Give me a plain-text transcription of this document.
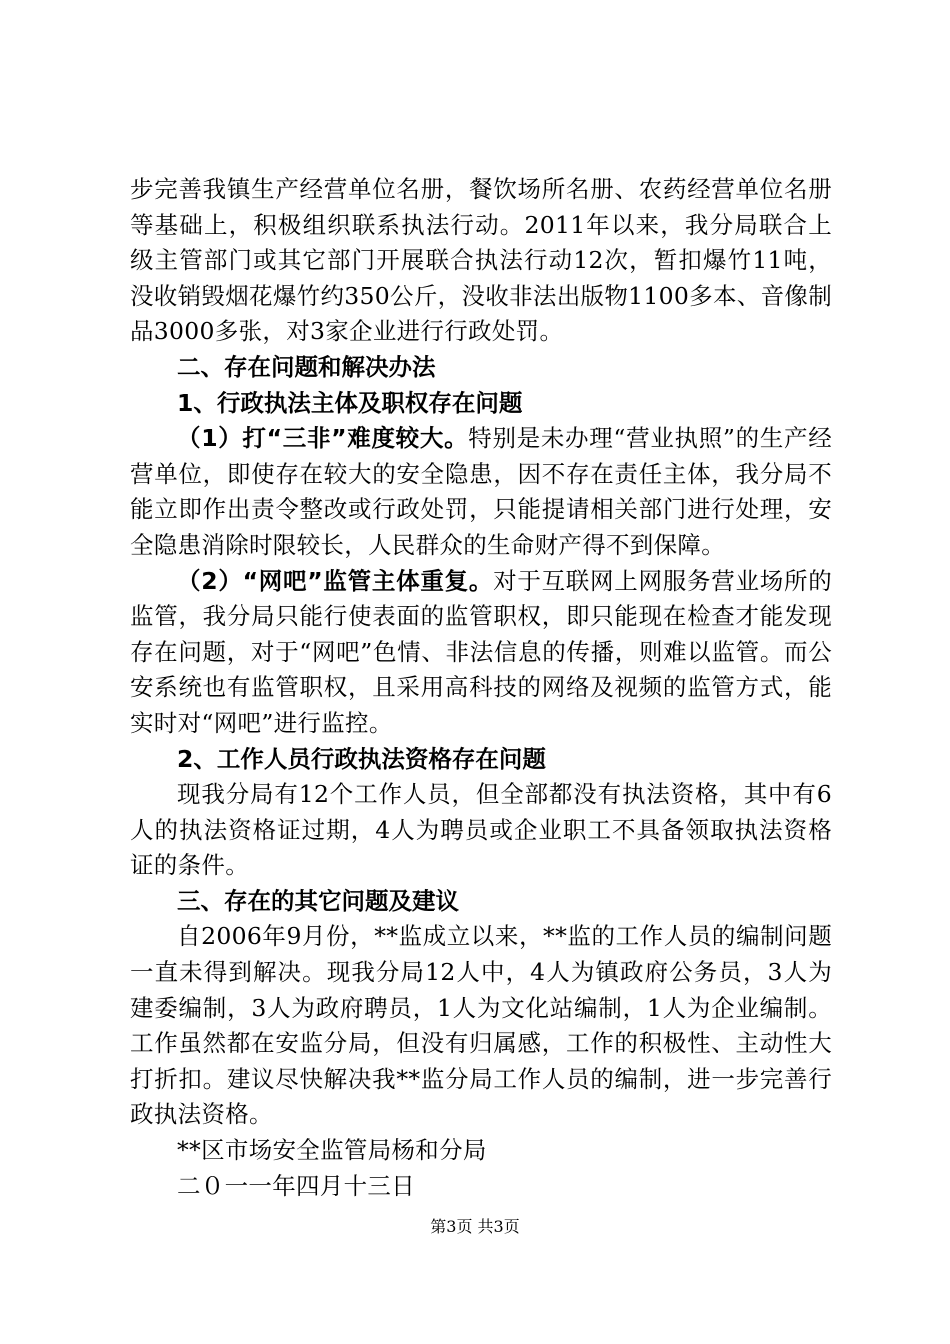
步完善我镇生产经营单位名册，餐饮场所名册、农药经营单位名册等基础上，积极组织联系执法行动。2011年以来，我分局联合上级主管部门或其它部门开展联合执法行动12次，暂扣爆竹11吨，没收销毁烟花爆竹约350公斤，没收非法出版物1100多本、音像制品3000多张，对3家企业进行行政处罚。

二、存在问题和解决办法

1、行政执法主体及职权存在问题

（1）打“三非”难度较大。特别是未办理“营业执照”的生产经营单位，即使存在较大的安全隐患，因不存在责任主体，我分局不能立即作出责令整改或行政处罚，只能提请相关部门进行处理，安全隐患消除时限较长，人民群众的生命财产得不到保障。

（2）“网吧”监管主体重复。对于互联网上网服务营业场所的监管，我分局只能行使表面的监管职权，即只能现在检查才能发现存在问题，对于“网吧”色情、非法信息的传播，则难以监管。而公安系统也有监管职权，且采用高科技的网络及视频的监管方式，能实时对“网吧”进行监控。

2、工作人员行政执法资格存在问题

现我分局有12个工作人员，但全部都没有执法资格，其中有6人的执法资格证过期，4人为聘员或企业职工不具备领取执法资格证的条件。

三、存在的其它问题及建议

自2006年9月份，**监成立以来，**监的工作人员的编制问题一直未得到解决。现我分局12人中，4人为镇政府公务员，3人为建委编制，3人为政府聘员，1人为文化站编制，1人为企业编制。工作虽然都在安监分局，但没有归属感，工作的积极性、主动性大打折扣。建议尽快解决我**监分局工作人员的编制，进一步完善行政执法资格。

**区市场安全监管局杨和分局

二０一一年四月十三日

第3页 共3页
